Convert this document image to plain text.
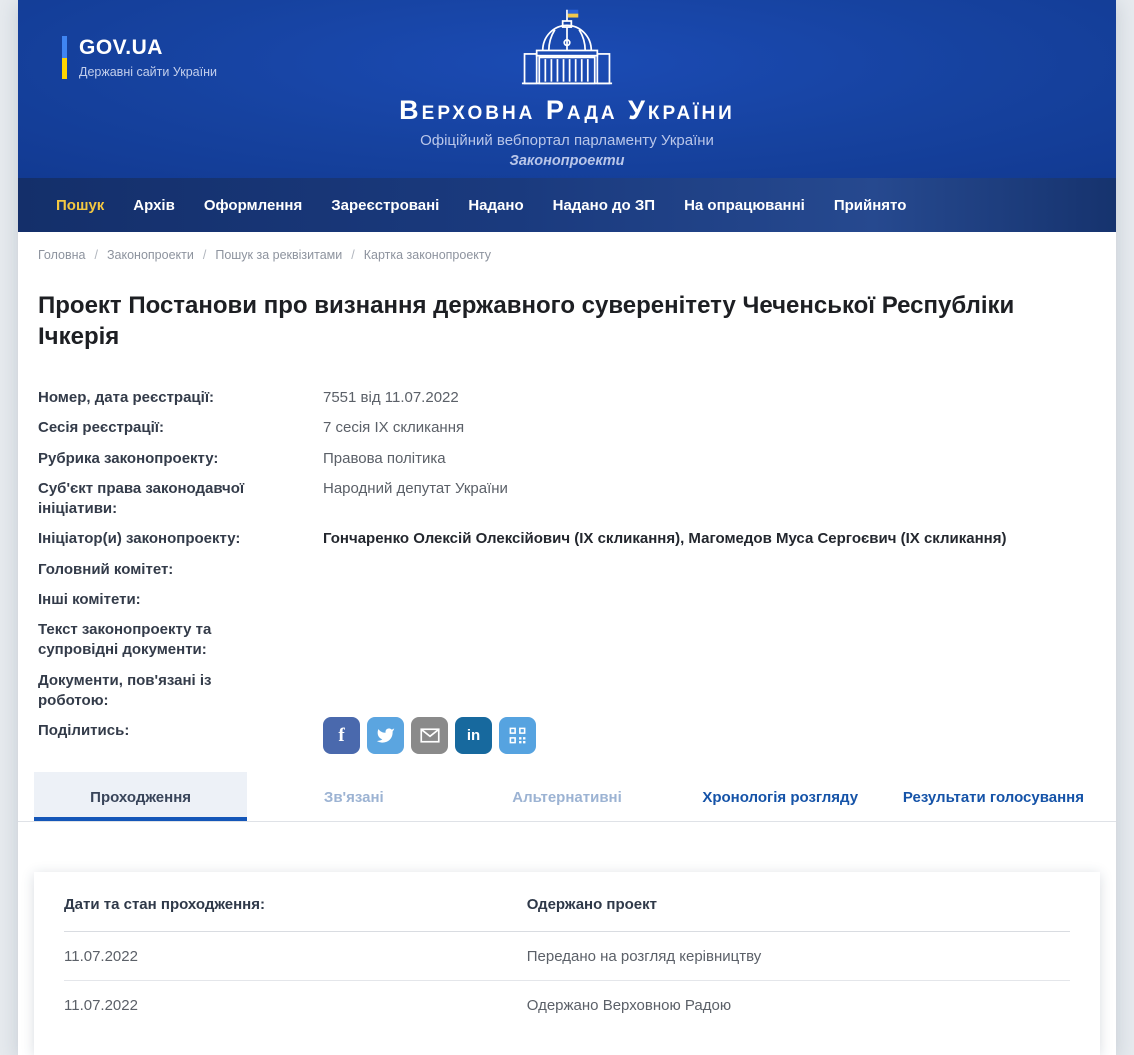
GOV.UA
Державні сайти України
Верховна Рада України
Офіційний вебпортал парламенту України
Законопроекти
Пошук Архів Оформлення Зареєстровані Надано Надано до ЗП На опрацюванні Прийнято
Головна / Законопроекти / Пошук за реквізитами / Картка законопроекту
Проект Постанови про визнання державного суверенітету Чеченської Республіки Ічкерія
Номер, дата реєстрації:	7551 від 11.07.2022
Сесія реєстрації:	7 сесія IX скликання
Рубрика законопроекту:	Правова політика
Суб'єкт права законодавчої ініціативи:
Народний депутат України
Ініціатор(и) законопроекту:	Гончаренко Олексій Олексійович (IX скликання), Магомедов Муса Сергоєвич (IX скликання)
Головний комітет:
Інші комітети:
Текст законопроекту та супровідні документи:
Документи, пов'язані із роботою:
Поділитись:	f	in
Проходження	Зв'язані	Альтернативні	Хронологія розгляду	Результати голосування
Дати та стан проходження:	Одержано проект
11.07.2022	Передано на розгляд керівництву
11.07.2022	Одержано Верховною Радою
